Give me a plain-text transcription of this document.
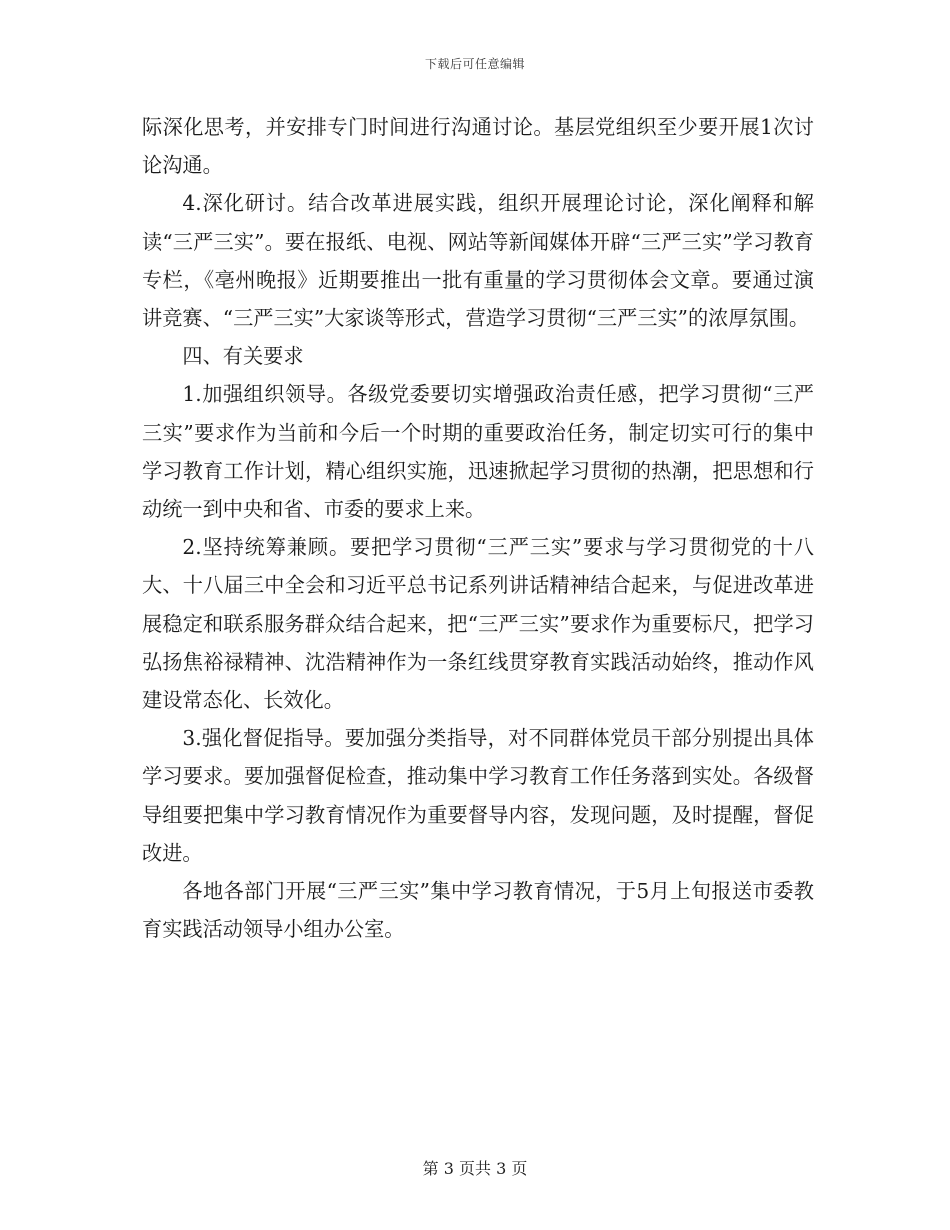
下载后可任意编辑

际深化思考，并安排专门时间进行沟通讨论。基层党组织至少要开展1次讨论沟通。

4.深化研讨。结合改革进展实践，组织开展理论讨论，深化阐释和解读“三严三实”。要在报纸、电视、网站等新闻媒体开辟“三严三实”学习教育专栏，《亳州晚报》近期要推出一批有重量的学习贯彻体会文章。要通过演讲竞赛、“三严三实”大家谈等形式，营造学习贯彻“三严三实”的浓厚氛围。

四、有关要求

1.加强组织领导。各级党委要切实增强政治责任感，把学习贯彻“三严三实”要求作为当前和今后一个时期的重要政治任务，制定切实可行的集中学习教育工作计划，精心组织实施，迅速掀起学习贯彻的热潮，把思想和行动统一到中央和省、市委的要求上来。

2.坚持统筹兼顾。要把学习贯彻“三严三实”要求与学习贯彻党的十八大、十八届三中全会和习近平总书记系列讲话精神结合起来，与促进改革进展稳定和联系服务群众结合起来，把“三严三实”要求作为重要标尺，把学习弘扬焦裕禄精神、沈浩精神作为一条红线贯穿教育实践活动始终，推动作风建设常态化、长效化。

3.强化督促指导。要加强分类指导，对不同群体党员干部分别提出具体学习要求。要加强督促检查，推动集中学习教育工作任务落到实处。各级督导组要把集中学习教育情况作为重要督导内容，发现问题，及时提醒，督促改进。

各地各部门开展“三严三实”集中学习教育情况，于5月上旬报送市委教育实践活动领导小组办公室。

第 3 页共 3 页
